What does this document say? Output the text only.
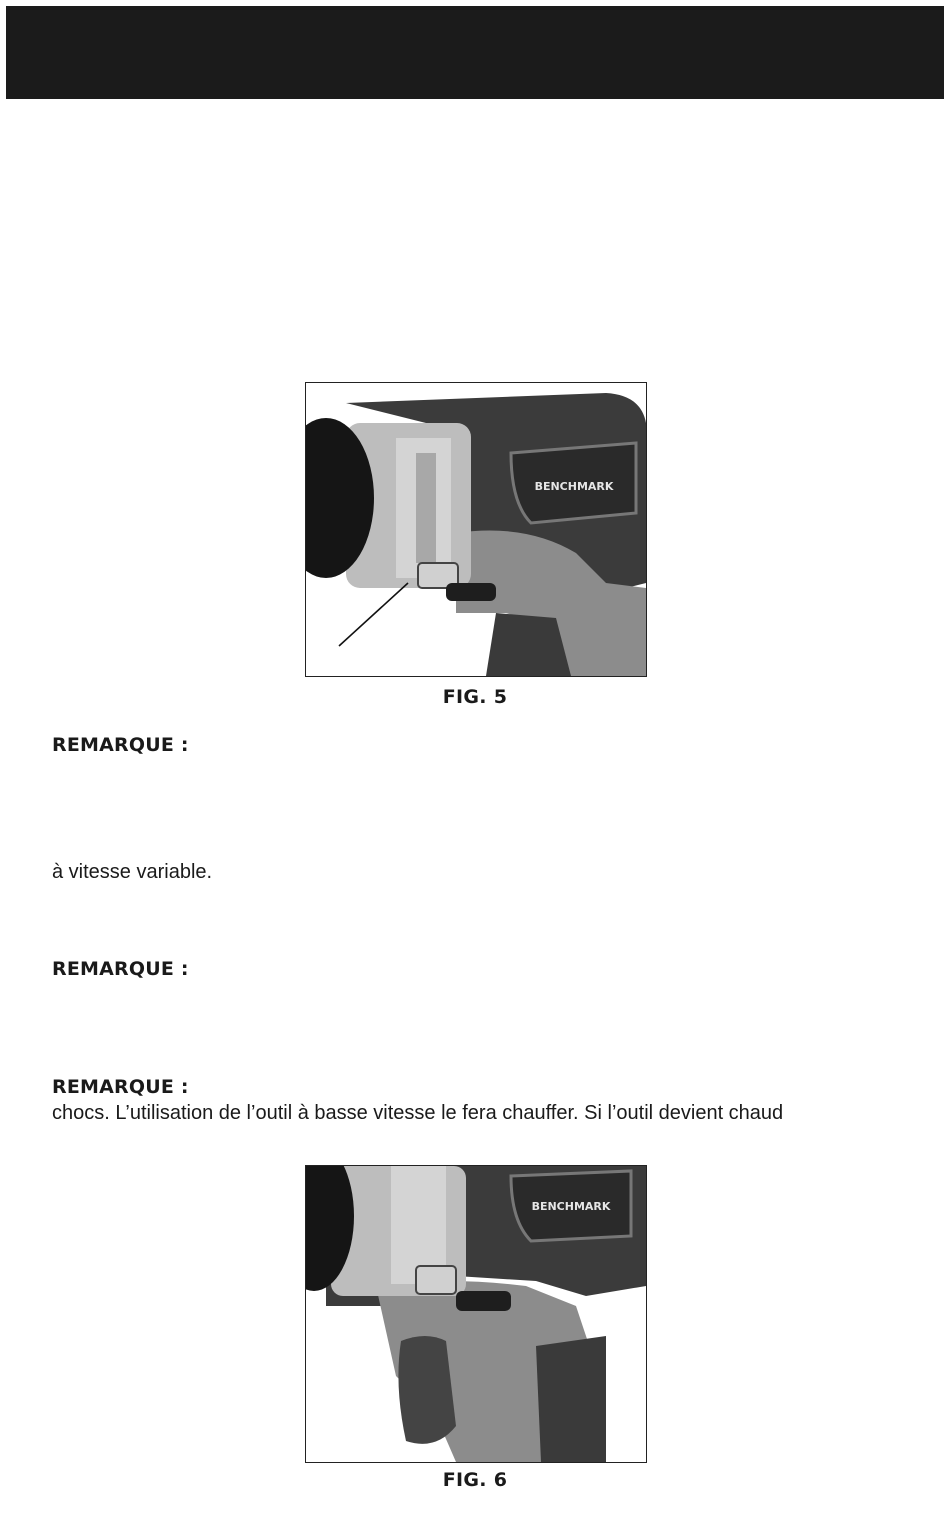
BENCHMARK
FIG. 5
REMARQUE :
à vitesse variable.
REMARQUE :
REMARQUE :
chocs. L’utilisation de l’outil à basse vitesse le fera chauffer. Si l’outil devient chaud
BENCHMARK
FIG. 6
